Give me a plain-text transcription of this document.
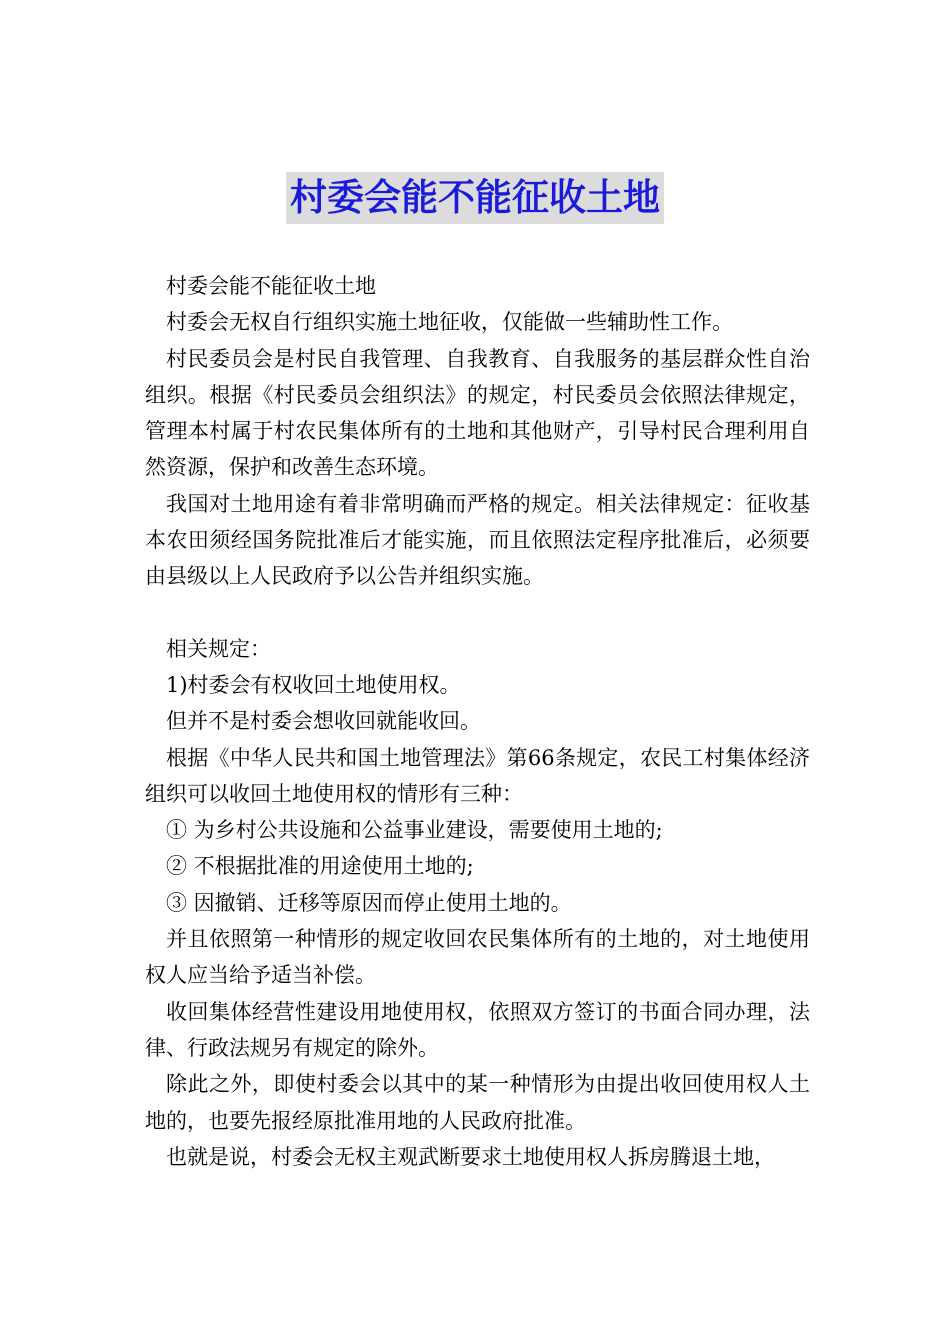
村委会能不能征收土地

村委会能不能征收土地

村委会无权自行组织实施土地征收，仅能做一些辅助性工作。

村民委员会是村民自我管理、自我教育、自我服务的基层群众性自治组织。根据《村民委员会组织法》的规定，村民委员会依照法律规定，管理本村属于村农民集体所有的土地和其他财产，引导村民合理利用自然资源，保护和改善生态环境。

我国对土地用途有着非常明确而严格的规定。相关法律规定：征收基本农田须经国务院批准后才能实施，而且依照法定程序批准后，必须要由县级以上人民政府予以公告并组织实施。

相关规定：

1)村委会有权收回土地使用权。

但并不是村委会想收回就能收回。

根据《中华人民共和国土地管理法》第66条规定，农民工村集体经济组织可以收回土地使用权的情形有三种：

① 为乡村公共设施和公益事业建设，需要使用土地的;

② 不根据批准的用途使用土地的;

③ 因撤销、迁移等原因而停止使用土地的。

并且依照第一种情形的规定收回农民集体所有的土地的，对土地使用权人应当给予适当补偿。

收回集体经营性建设用地使用权，依照双方签订的书面合同办理，法律、行政法规另有规定的除外。

除此之外，即使村委会以其中的某一种情形为由提出收回使用权人土地的，也要先报经原批准用地的人民政府批准。

也就是说，村委会无权主观武断要求土地使用权人拆房腾退土地，
